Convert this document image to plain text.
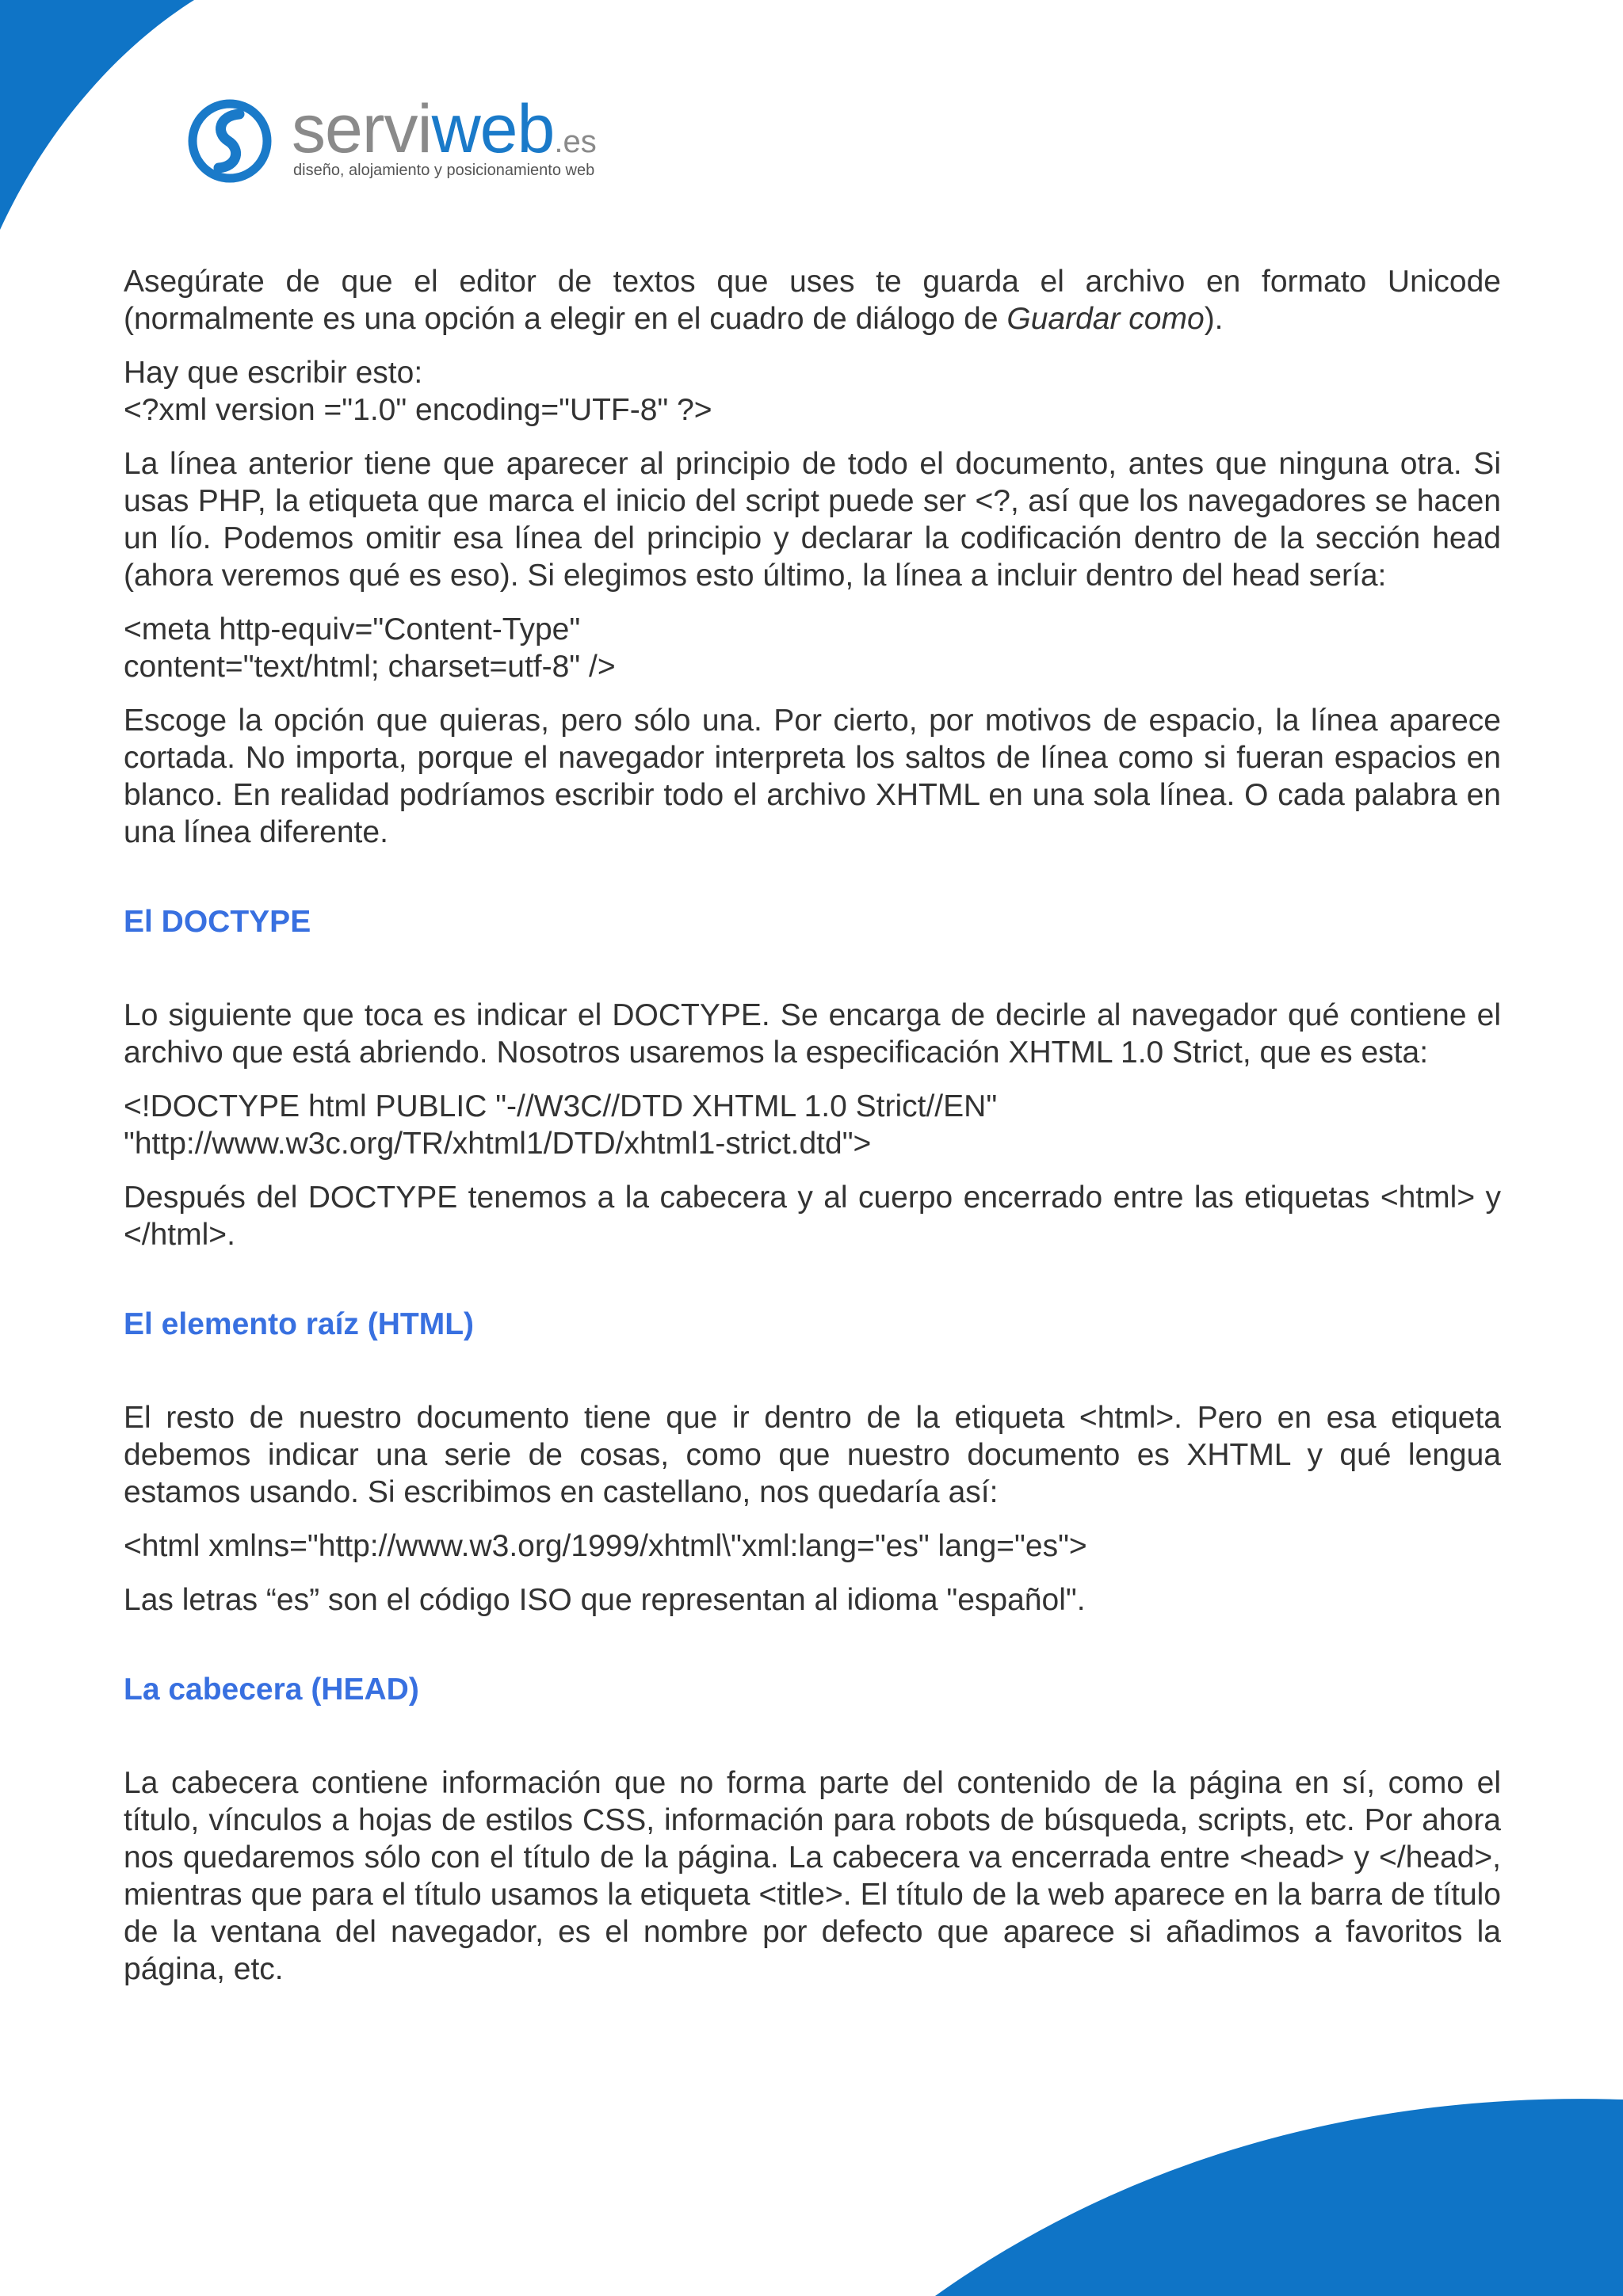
serviweb.es
diseño, alojamiento y posicionamiento web

Asegúrate de que el editor de textos que uses te guarda el archivo en formato Unicode (normalmente es una opción a elegir en el cuadro de diálogo de Guardar como).

Hay que escribir esto:
<?xml version ="1.0" encoding="UTF-8" ?>

La línea anterior tiene que aparecer al principio de todo el documento, antes que ninguna otra. Si usas PHP, la etiqueta que marca el inicio del script puede ser <?, así que los navegadores se hacen un lío. Podemos omitir esa línea del principio y declarar la codificación dentro de la sección head (ahora veremos qué es eso). Si elegimos esto último, la línea a incluir dentro del head sería:

<meta http-equiv="Content-Type"
content="text/html; charset=utf-8" />

Escoge la opción que quieras, pero sólo una. Por cierto, por motivos de espacio, la línea aparece cortada. No importa, porque el navegador interpreta los saltos de línea como si fueran espacios en blanco. En realidad podríamos escribir todo el archivo XHTML en una sola línea. O cada palabra en una línea diferente.

El DOCTYPE

Lo siguiente que toca es indicar el DOCTYPE. Se encarga de decirle al navegador qué contiene el archivo que está abriendo. Nosotros usaremos la especificación XHTML 1.0 Strict, que es esta:

<!DOCTYPE html PUBLIC "-//W3C//DTD XHTML 1.0 Strict//EN"
"http://www.w3c.org/TR/xhtml1/DTD/xhtml1-strict.dtd">

Después del DOCTYPE tenemos a la cabecera y al cuerpo encerrado entre las etiquetas <html> y </html>.

El elemento raíz (HTML)

El resto de nuestro documento tiene que ir dentro de la etiqueta <html>. Pero en esa etiqueta debemos indicar una serie de cosas, como que nuestro documento es XHTML y qué lengua estamos usando. Si escribimos en castellano, nos quedaría así:

<html xmlns="http://www.w3.org/1999/xhtml\"xml:lang="es" lang="es">

Las letras “es” son el código ISO que representan al idioma "español".

La cabecera (HEAD)

La cabecera contiene información que no forma parte del contenido de la página en sí, como el título, vínculos a hojas de estilos CSS, información para robots de búsqueda, scripts, etc. Por ahora nos quedaremos sólo con el título de la página. La cabecera va encerrada entre <head> y </head>, mientras que para el título usamos la etiqueta <title>. El título de la web aparece en la barra de título de la ventana del navegador, es el nombre por defecto que aparece si añadimos a favoritos la página, etc.
